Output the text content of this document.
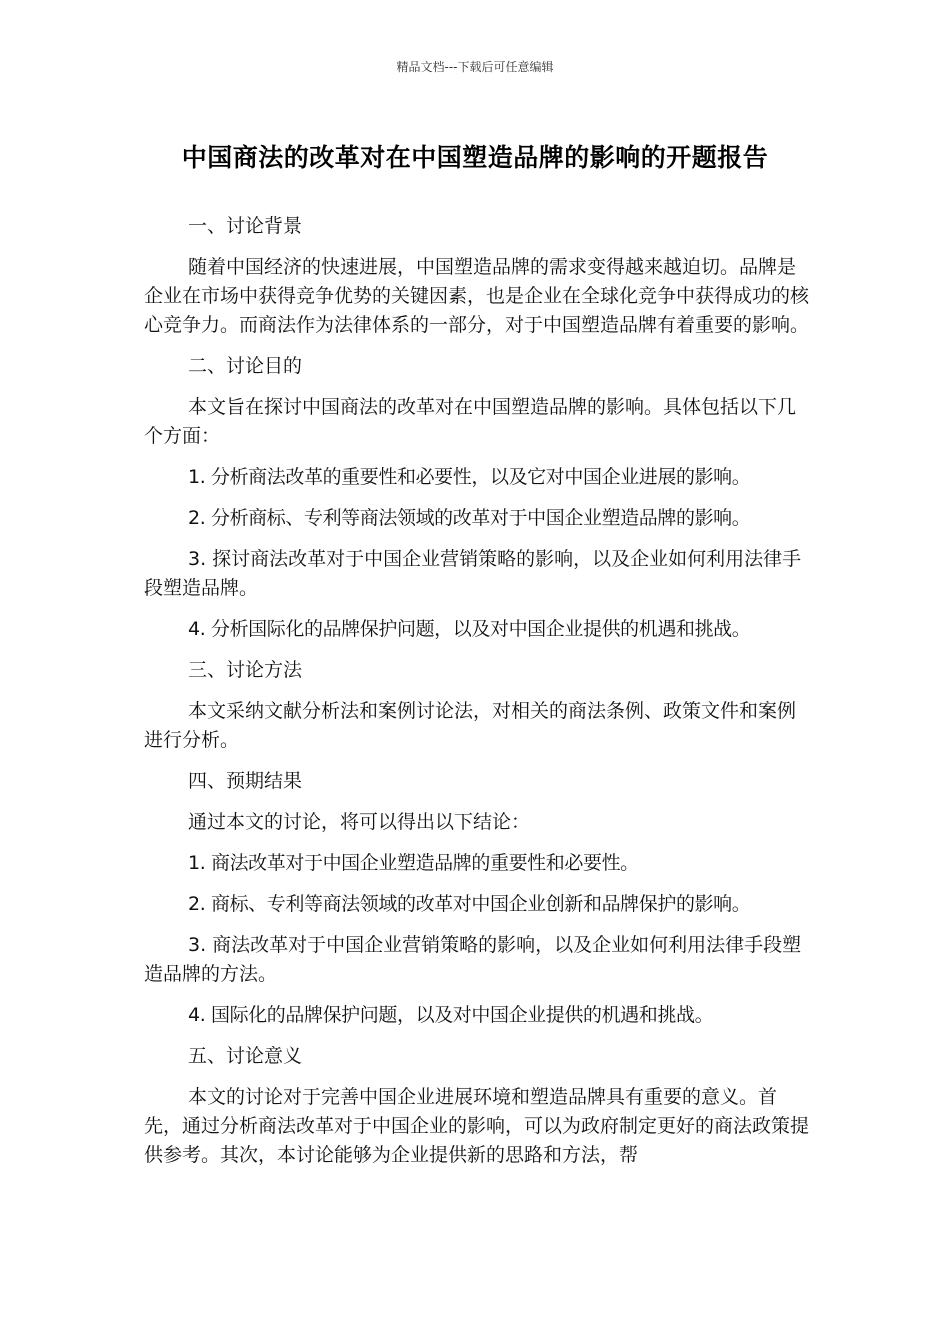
精品文档---下载后可任意编辑
中国商法的改革对在中国塑造品牌的影响的开题报告

一、讨论背景

随着中国经济的快速进展，中国塑造品牌的需求变得越来越迫切。品牌是企业在市场中获得竞争优势的关键因素，也是企业在全球化竞争中获得成功的核心竞争力。而商法作为法律体系的一部分，对于中国塑造品牌有着重要的影响。

二、讨论目的

本文旨在探讨中国商法的改革对在中国塑造品牌的影响。具体包括以下几个方面：

1. 分析商法改革的重要性和必要性，以及它对中国企业进展的影响。

2. 分析商标、专利等商法领域的改革对于中国企业塑造品牌的影响。

3. 探讨商法改革对于中国企业营销策略的影响，以及企业如何利用法律手段塑造品牌。

4. 分析国际化的品牌保护问题，以及对中国企业提供的机遇和挑战。

三、讨论方法

本文采纳文献分析法和案例讨论法，对相关的商法条例、政策文件和案例进行分析。

四、预期结果

通过本文的讨论，将可以得出以下结论：

1. 商法改革对于中国企业塑造品牌的重要性和必要性。

2. 商标、专利等商法领域的改革对中国企业创新和品牌保护的影响。

3. 商法改革对于中国企业营销策略的影响，以及企业如何利用法律手段塑造品牌的方法。

4. 国际化的品牌保护问题，以及对中国企业提供的机遇和挑战。

五、讨论意义

本文的讨论对于完善中国企业进展环境和塑造品牌具有重要的意义。首先，通过分析商法改革对于中国企业的影响，可以为政府制定更好的商法政策提供参考。其次，本讨论能够为企业提供新的思路和方法，帮
